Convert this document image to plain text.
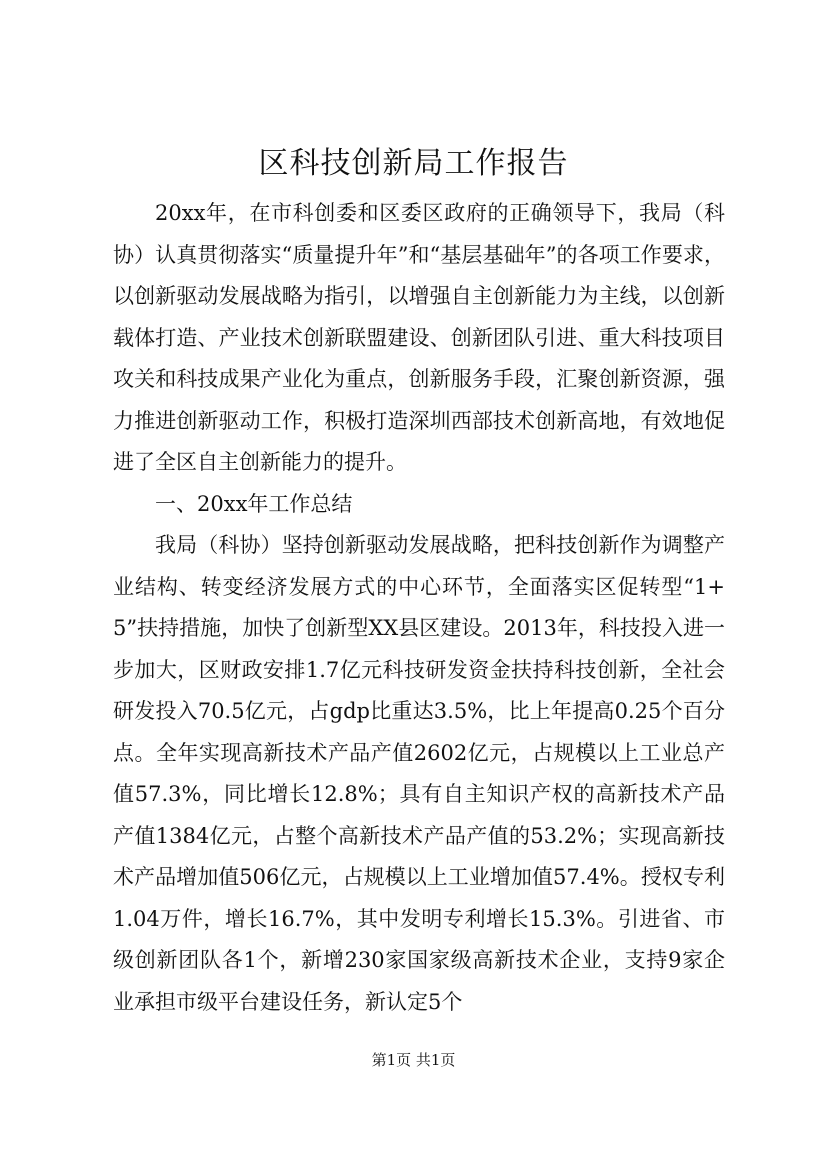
区科技创新局工作报告

20xx年，在市科创委和区委区政府的正确领导下，我局（科协）认真贯彻落实“质量提升年”和“基层基础年”的各项工作要求，以创新驱动发展战略为指引，以增强自主创新能力为主线，以创新载体打造、产业技术创新联盟建设、创新团队引进、重大科技项目攻关和科技成果产业化为重点，创新服务手段，汇聚创新资源，强力推进创新驱动工作，积极打造深圳西部技术创新高地，有效地促进了全区自主创新能力的提升。

一、20xx年工作总结

我局（科协）坚持创新驱动发展战略，把科技创新作为调整产业结构、转变经济发展方式的中心环节，全面落实区促转型“1+5”扶持措施，加快了创新型XX县区建设。2013年，科技投入进一步加大，区财政安排1.7亿元科技研发资金扶持科技创新，全社会研发投入70.5亿元，占gdp比重达3.5%，比上年提高0.25个百分点。全年实现高新技术产品产值2602亿元，占规模以上工业总产值57.3%，同比增长12.8%；具有自主知识产权的高新技术产品产值1384亿元，占整个高新技术产品产值的53.2%；实现高新技术产品增加值506亿元，占规模以上工业增加值57.4%。授权专利1.04万件，增长16.7%，其中发明专利增长15.3%。引进省、市级创新团队各1个，新增230家国家级高新技术企业，支持9家企业承担市级平台建设任务，新认定5个

第1页 共1页
